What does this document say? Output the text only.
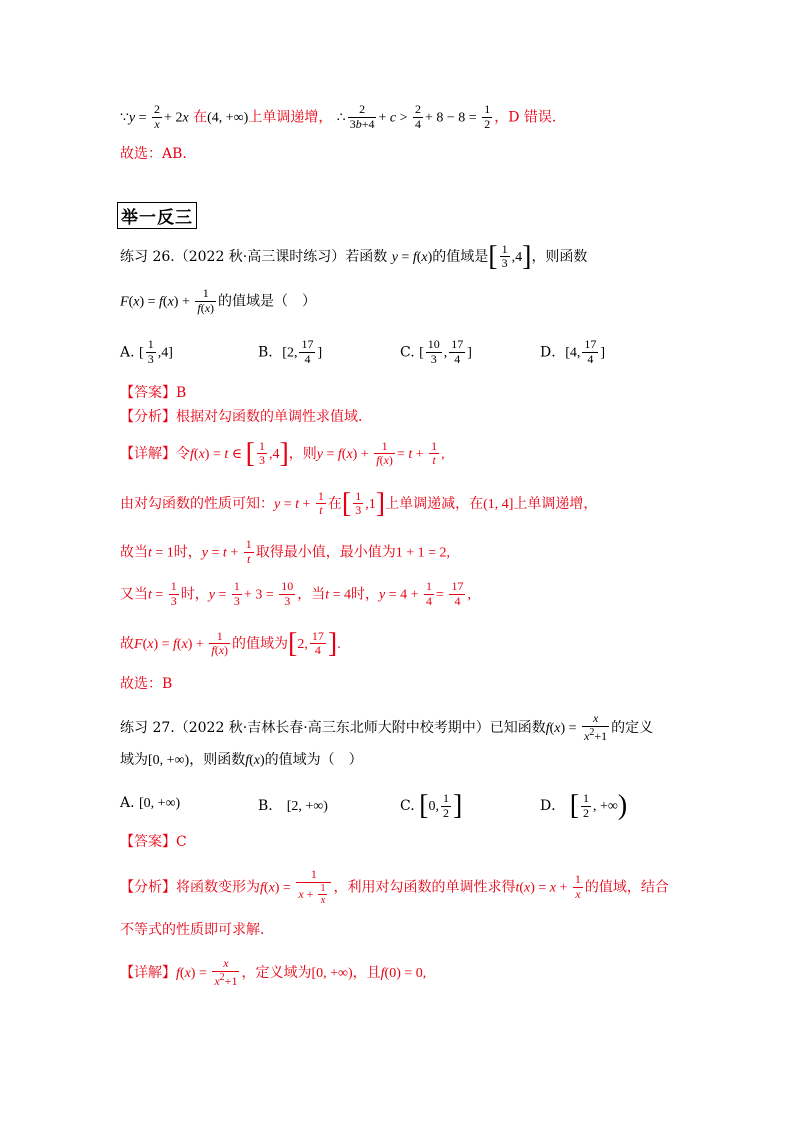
∵y = $\frac{2}{x} + 2x$ 在(4, +∞)上单调递增， ∴ $\frac{2}{3b+4} + c > \frac{2}{4} + 8 - 8 = \frac{1}{2}$ ，D 错误.
故选：AB.
举一反三
练习 26.（2022 秋·高三课时练习）若函数 y = f(x)的值域是[ $\frac{1}{3} ,4$]，则函数
$F(x) = f(x) + \frac{1}{f(x)}$ 的值域是（　）
A. [ $\frac{1}{3} ,4$]	B．[2, $\frac{17}{4}$ ]	C. [ $\frac{10}{3}$ , $\frac{17}{4}$ ]	D．[4, $\frac{17}{4}$ ]
【答案】B
【分析】根据对勾函数的单调性求值域.
【详解】令f(x) = t ∈ [ $\frac{1}{3} ,4$]，则$y = f(x) + \frac{1}{f(x)} = t + \frac{1}{t}$ ,
由对勾函数的性质可知：$y = t + \frac{1}{t}$ 在[ $\frac{1}{3} ,1$]上单调递减，在(1, 4]上单调递增，
故当t = 1时，$y = t + \frac{1}{t}$ 取得最小值，最小值为1 + 1 = 2,
又当$t = \frac{1}{3}$ 时，$y = \frac{1}{3} + 3 = \frac{10}{3}$ ，当t = 4时，$y = 4 + \frac{1}{4} = \frac{17}{4}$ ,
故$F(x) = f(x) + \frac{1}{f(x)}$ 的值域为[2, $\frac{17}{4}$ ].
故选：B
练习 27.（2022 秋·吉林长春·高三东北师大附中校考期中）已知函数$f(x) = \frac{x}{x^2+1}$ 的定义
域为[0, +∞)，则函数f(x)的值域为（　）
A. [0, +∞)	B． [2, +∞)	C. [0, $\frac{1}{2}$ ]	D． [ $\frac{1}{2}$ , +∞)
【答案】C
【分析】将函数变形为$f(x) = \frac{1}{x + \frac{1}{x}}$ ，利用对勾函数的单调性求得$t(x) = x + \frac{1}{x}$ 的值域，结合
不等式的性质即可求解.
【详解】$f(x) = \frac{x}{x^2+1}$ ，定义域为[0, +∞)，且f(0) = 0,
